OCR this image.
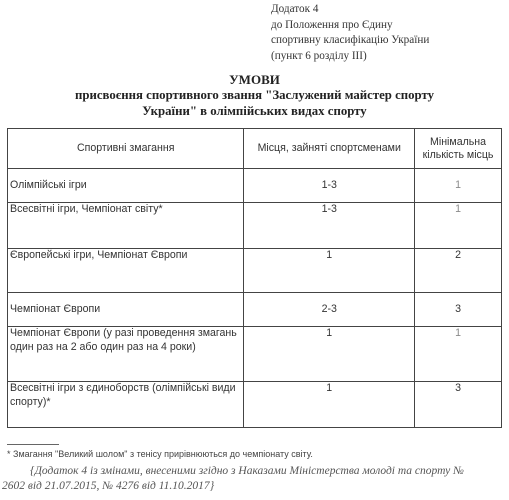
Додаток 4
до Положення про Єдину
спортивну класифікацію України
(пункт 6 розділу ІІІ)
УМОВИ
присвоєння спортивного звання "Заслужений майстер спорту
України" в олімпійських видах спорту
Спортивні змагання	Місця, зайняті спортсменами	Мінімальна кількість місць
Олімпійські ігри	1-3	1
Всесвітні ігри, Чемпіонат світу*	1-3	1
Європейські ігри, Чемпіонат Європи	1	2
Чемпіонат Європи	2-3	3
Чемпіонат Європи (у разі проведення змагань один раз на 2 або один раз на 4 роки)	1	1
Всесвітні ігри з єдиноборств (олімпійські види спорту)*	1	3
* Змагання "Великий шолом" з тенісу прирівнюються до чемпіонату світу.
{Додаток 4 із змінами, внесеними згідно з Наказами Міністерства молоді та спорту №
2602 від 21.07.2015, № 4276 від 11.10.2017}
